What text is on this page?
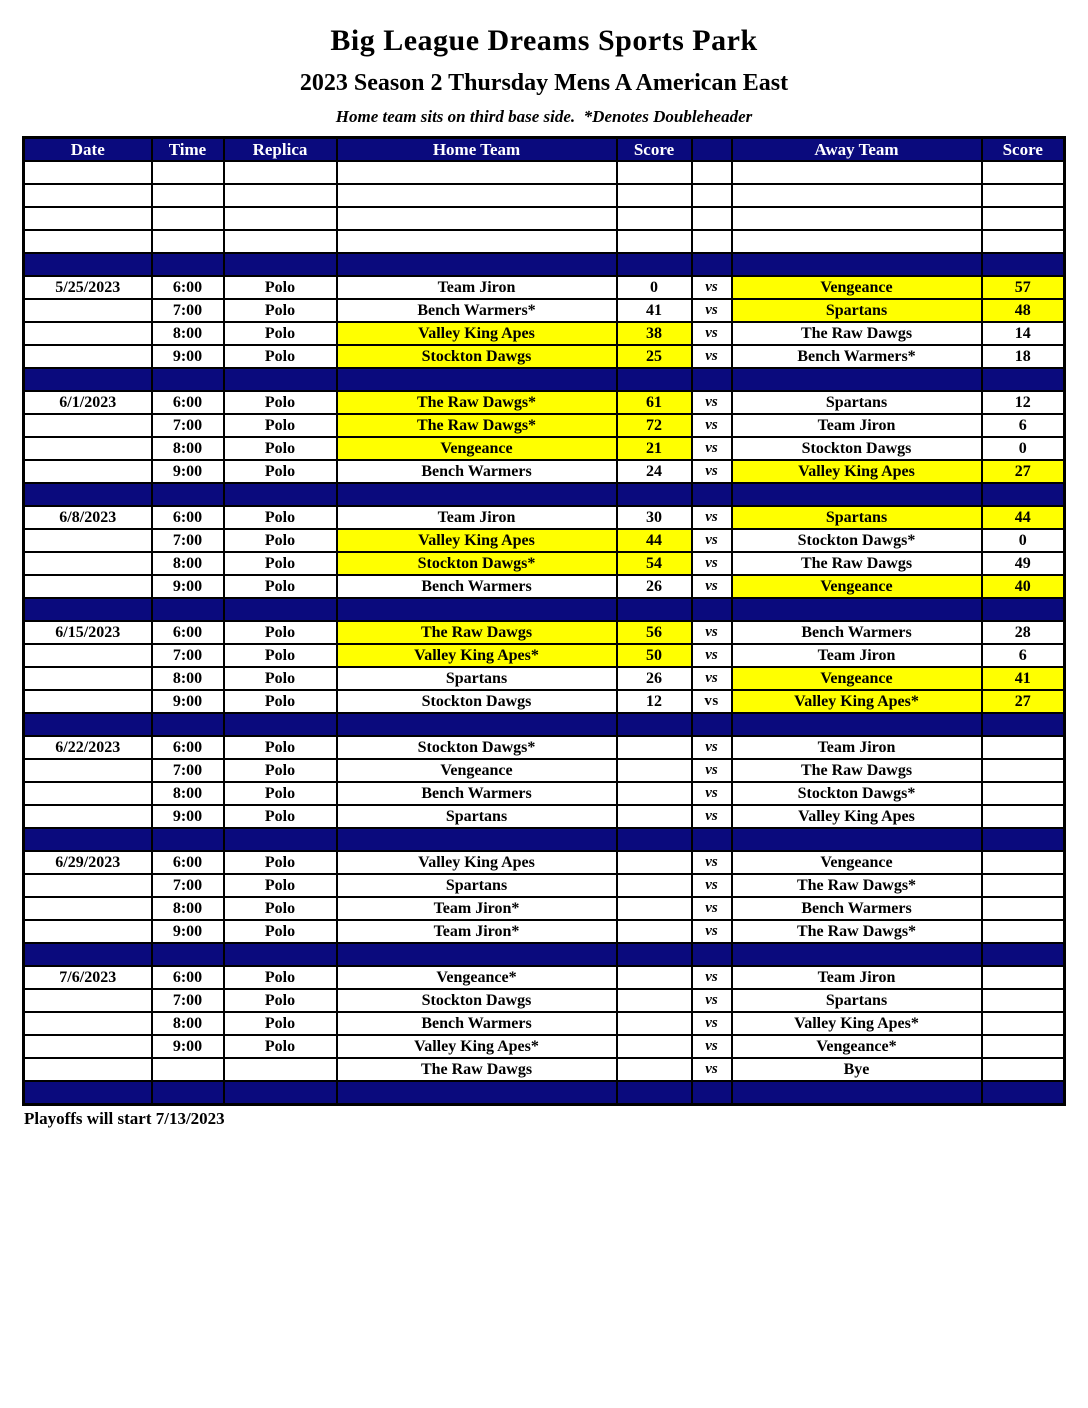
Big League Dreams Sports Park
2023 Season 2 Thursday Mens A American East
Home team sits on third base side.  *Denotes Doubleheader
Date	Time	Replica	Home Team	Score		Away Team	Score

5/25/2023	6:00	Polo	Team Jiron	0	vs	Vengeance	57
	7:00	Polo	Bench Warmers*	41	vs	Spartans	48
	8:00	Polo	Valley King Apes	38	vs	The Raw Dawgs	14
	9:00	Polo	Stockton Dawgs	25	vs	Bench Warmers*	18

6/1/2023	6:00	Polo	The Raw Dawgs*	61	vs	Spartans	12
	7:00	Polo	The Raw Dawgs*	72	vs	Team Jiron	6
	8:00	Polo	Vengeance	21	vs	Stockton Dawgs	0
	9:00	Polo	Bench Warmers	24	vs	Valley King Apes	27

6/8/2023	6:00	Polo	Team Jiron	30	vs	Spartans	44
	7:00	Polo	Valley King Apes	44	vs	Stockton Dawgs*	0
	8:00	Polo	Stockton Dawgs*	54	vs	The Raw Dawgs	49
	9:00	Polo	Bench Warmers	26	vs	Vengeance	40

6/15/2023	6:00	Polo	The Raw Dawgs	56	vs	Bench Warmers	28
	7:00	Polo	Valley King Apes*	50	vs	Team Jiron	6
	8:00	Polo	Spartans	26	vs	Vengeance	41
	9:00	Polo	Stockton Dawgs	12	vs	Valley King Apes*	27

6/22/2023	6:00	Polo	Stockton Dawgs*		vs	Team Jiron	
	7:00	Polo	Vengeance		vs	The Raw Dawgs	
	8:00	Polo	Bench Warmers		vs	Stockton Dawgs*	
	9:00	Polo	Spartans		vs	Valley King Apes	

6/29/2023	6:00	Polo	Valley King Apes		vs	Vengeance	
	7:00	Polo	Spartans		vs	The Raw Dawgs*	
	8:00	Polo	Team Jiron*		vs	Bench Warmers	
	9:00	Polo	Team Jiron*		vs	The Raw Dawgs*	

7/6/2023	6:00	Polo	Vengeance*		vs	Team Jiron	
	7:00	Polo	Stockton Dawgs		vs	Spartans	
	8:00	Polo	Bench Warmers		vs	Valley King Apes*	
	9:00	Polo	Valley King Apes*		vs	Vengeance*	
			The Raw Dawgs		vs	Bye	

Playoffs will start 7/13/2023
